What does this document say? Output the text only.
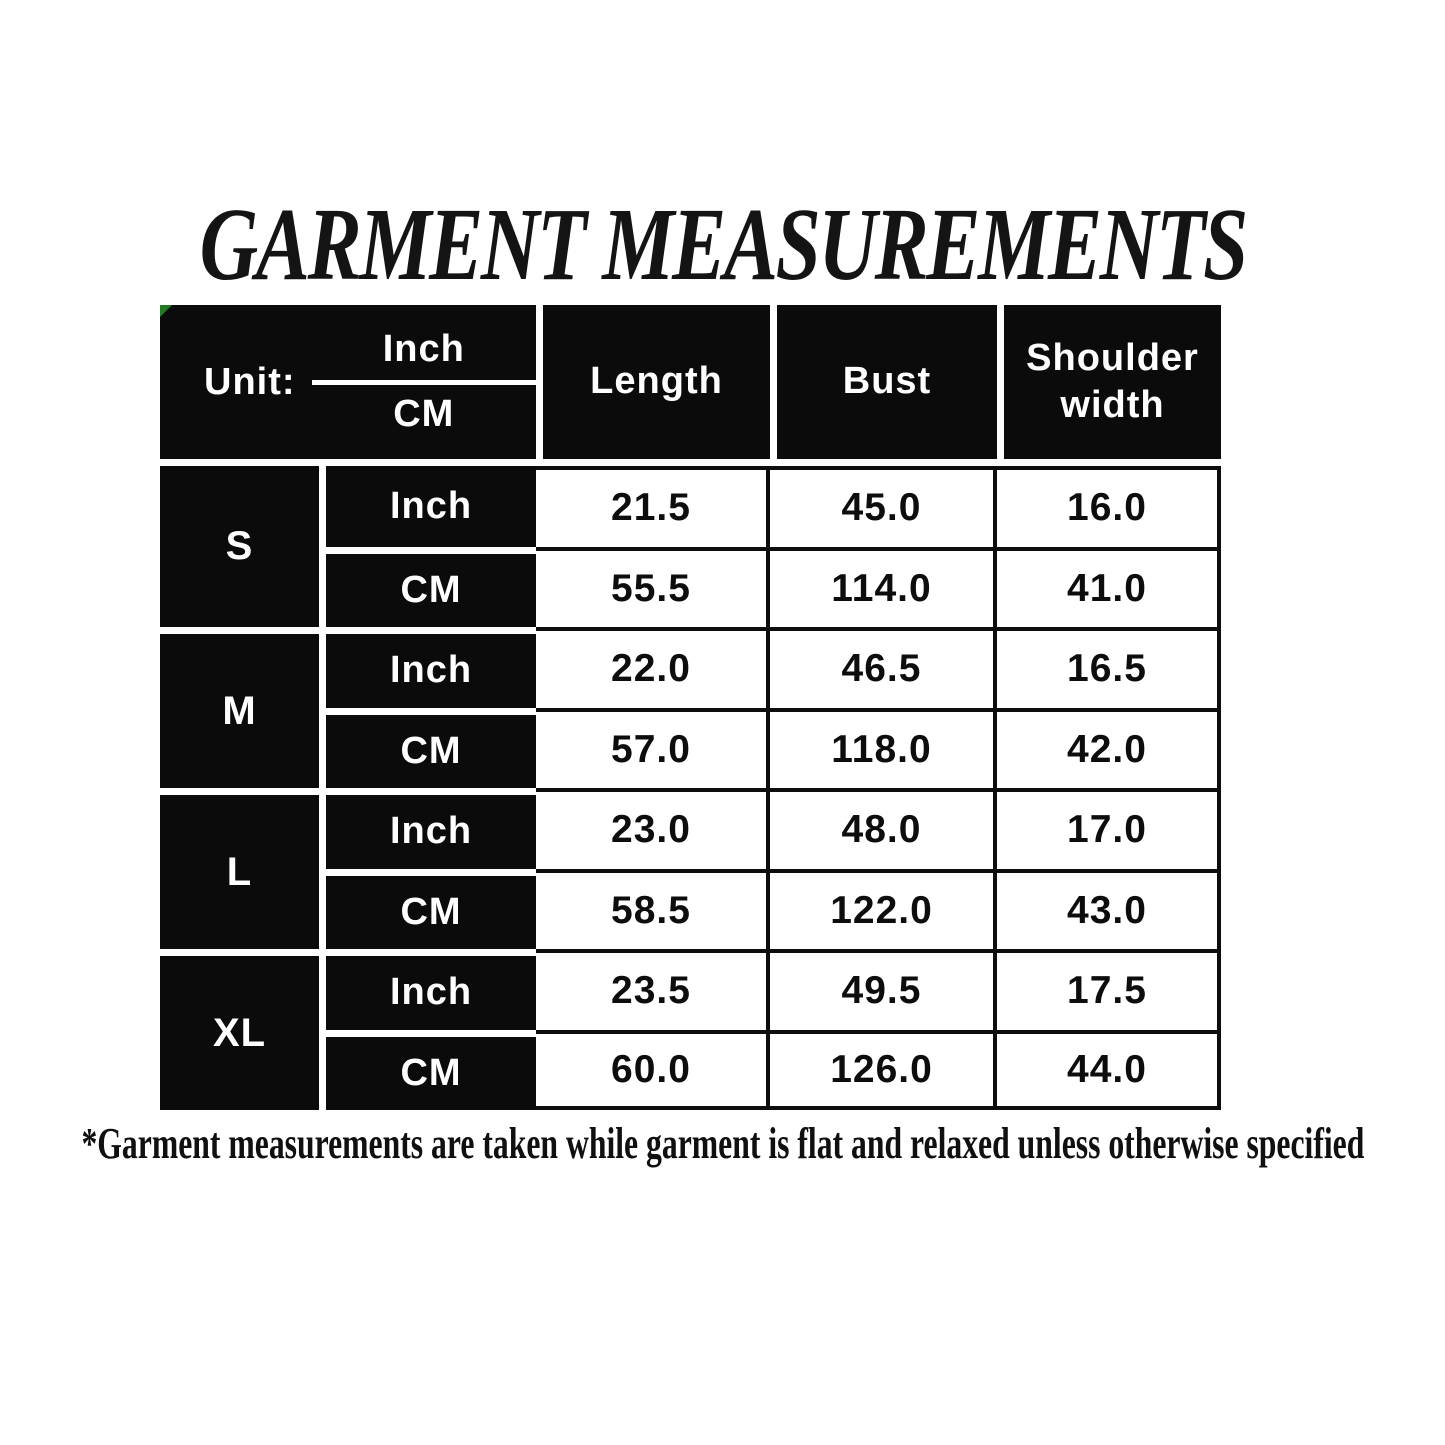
GARMENT MEASUREMENTS
Unit: $\frac{\text{Inch}}{CM}$		Length	Bust	Shoulder width
S	Inch	21.5	45.0	16.0
	CM	55.5	114.0	41.0
M	Inch	22.0	46.5	16.5
	CM	57.0	118.0	42.0
L	Inch	23.0	48.0	17.0
	CM	58.5	122.0	43.0
XL	Inch	23.5	49.5	17.5
	CM	60.0	126.0	44.0
*Garment measurements are taken while garment is flat and relaxed unless otherwise specified
